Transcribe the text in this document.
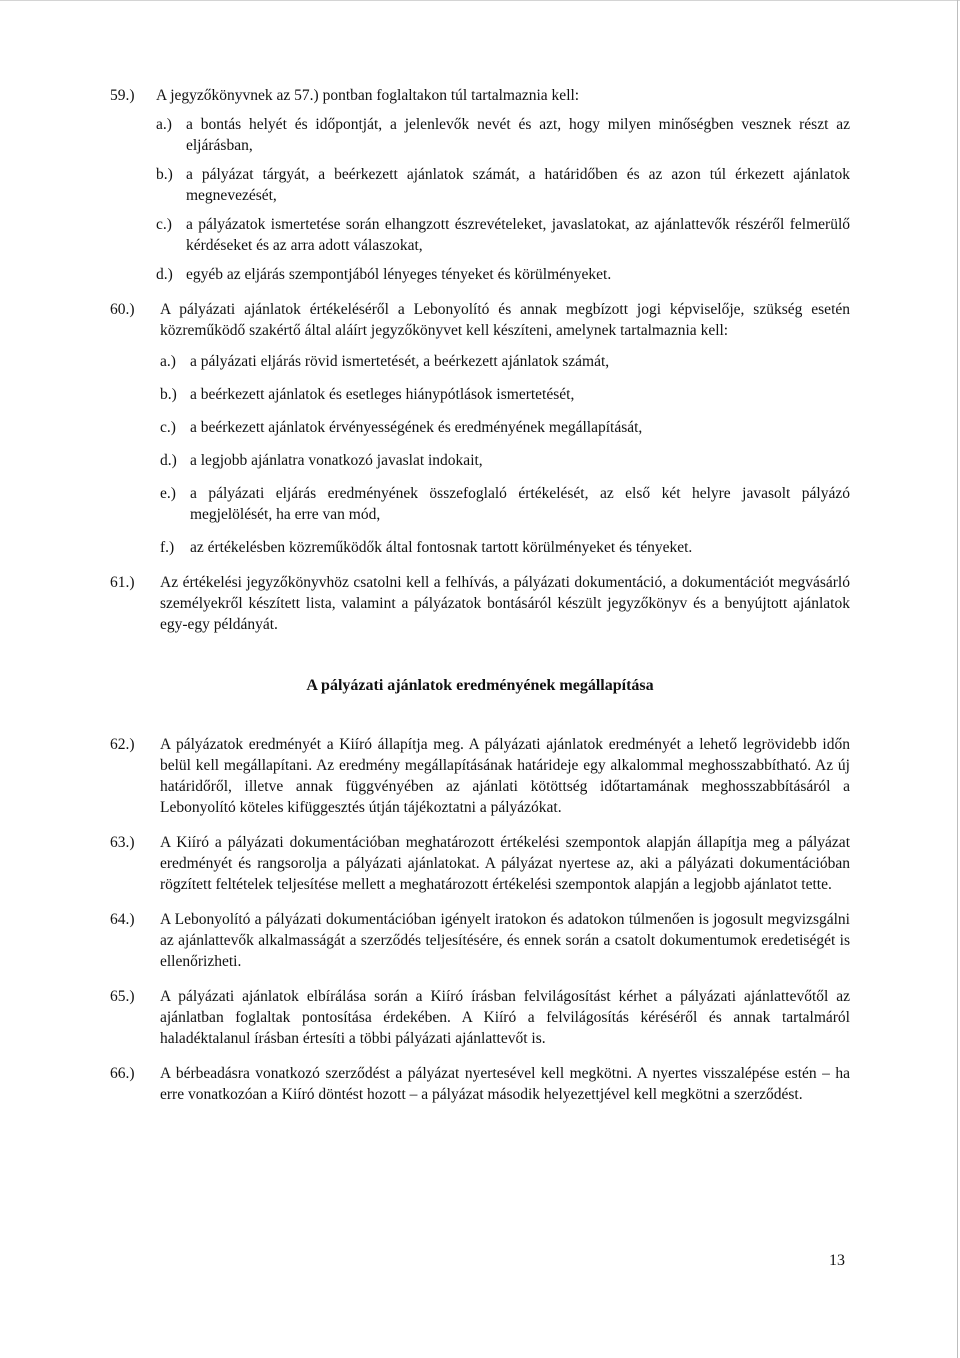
59.) A jegyzőkönyvnek az 57.) pontban foglaltakon túl tartalmaznia kell:
a.) a bontás helyét és időpontját, a jelenlevők nevét és azt, hogy milyen minőségben vesznek részt az eljárásban,
b.) a pályázat tárgyát, a beérkezett ajánlatok számát, a határidőben és az azon túl érkezett ajánlatok megnevezését,
c.) a pályázatok ismertetése során elhangzott észrevételeket, javaslatokat, az ajánlattevők részéről felmerülő kérdéseket és az arra adott válaszokat,
d.) egyéb az eljárás szempontjából lényeges tényeket és körülményeket.
60.) A pályázati ajánlatok értékeléséről a Lebonyolító és annak megbízott jogi képviselője, szükség esetén közreműködő szakértő által aláírt jegyzőkönyvet kell készíteni, amelynek tartalmaznia kell:
a.) a pályázati eljárás rövid ismertetését, a beérkezett ajánlatok számát,
b.) a beérkezett ajánlatok és esetleges hiánypótlások ismertetését,
c.) a beérkezett ajánlatok érvényességének és eredményének megállapítását,
d.) a legjobb ajánlatra vonatkozó javaslat indokait,
e.) a pályázati eljárás eredményének összefoglaló értékelését, az első két helyre javasolt pályázó megjelölését, ha erre van mód,
f.) az értékelésben közreműködők által fontosnak tartott körülményeket és tényeket.
61.) Az értékelési jegyzőkönyvhöz csatolni kell a felhívás, a pályázati dokumentáció, a dokumentációt megvásárló személyekről készített lista, valamint a pályázatok bontásáról készült jegyzőkönyv és a benyújtott ajánlatok egy-egy példányát.
A pályázati ajánlatok eredményének megállapítása
62.) A pályázatok eredményét a Kiíró állapítja meg. A pályázati ajánlatok eredményét a lehető legrövidebb időn belül kell megállapítani. Az eredmény megállapításának határideje egy alkalommal meghosszabbítható. Az új határidőről, illetve annak függvényében az ajánlati kötöttség időtartamának meghosszabbításáról a Lebonyolító köteles kifüggesztés útján tájékoztatni a pályázókat.
63.) A Kiíró a pályázati dokumentációban meghatározott értékelési szempontok alapján állapítja meg a pályázat eredményét és rangsorolja a pályázati ajánlatokat. A pályázat nyertese az, aki a pályázati dokumentációban rögzített feltételek teljesítése mellett a meghatározott értékelési szempontok alapján a legjobb ajánlatot tette.
64.) A Lebonyolító a pályázati dokumentációban igényelt iratokon és adatokon túlmenően is jogosult megvizsgálni az ajánlattevők alkalmasságát a szerződés teljesítésére, és ennek során a csatolt dokumentumok eredetiségét is ellenőrizheti.
65.) A pályázati ajánlatok elbírálása során a Kiíró írásban felvilágosítást kérhet a pályázati ajánlattevőtől az ajánlatban foglaltak pontosítása érdekében. A Kiíró a felvilágosítás kéréséről és annak tartalmáról haladéktalanul írásban értesíti a többi pályázati ajánlattevőt is.
66.) A bérbeadásra vonatkozó szerződést a pályázat nyertesével kell megkötni. A nyertes visszalépése estén – ha erre vonatkozóan a Kiíró döntést hozott – a pályázat második helyezettjével kell megkötni a szerződést.
13
